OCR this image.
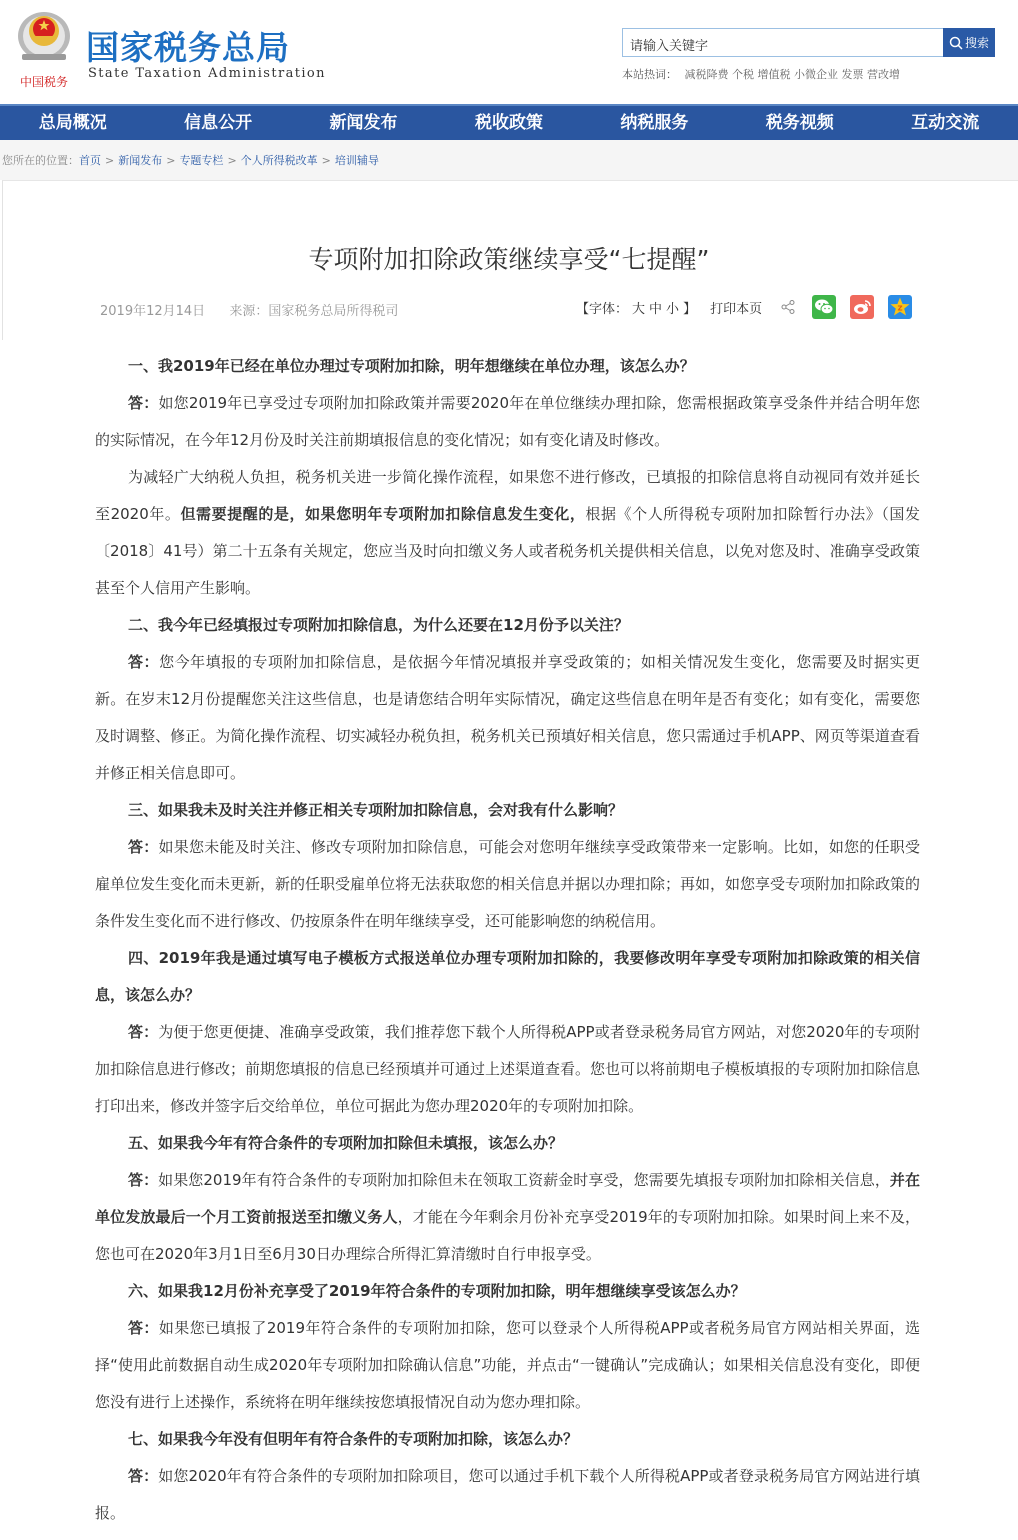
中国税务
国家税务总局
State Taxation Administration
请输入关键字	搜索
本站热词： 减税降费 个税 增值税 小微企业 发票 营改增
总局概况	信息公开	新闻发布	税收政策	纳税服务	税务视频	互动交流
您所在的位置：首页 > 新闻发布 > 专题专栏 > 个人所得税改革 > 培训辅导
专项附加扣除政策继续享受“七提醒”
2019年12月14日 来源：国家税务总局所得税司	【字体： 大 中 小 】 打印本页	Z

一、我2019年已经在单位办理过专项附加扣除，明年想继续在单位办理，该怎么办？

答：如您2019年已享受过专项附加扣除政策并需要2020年在单位继续办理扣除，您需根据政策享受条件并结合明年您的实际情况，在今年12月份及时关注前期填报信息的变化情况；如有变化请及时修改。

为减轻广大纳税人负担，税务机关进一步简化操作流程，如果您不进行修改，已填报的扣除信息将自动视同有效并延长至2020年。但需要提醒的是，如果您明年专项附加扣除信息发生变化，根据《个人所得税专项附加扣除暂行办法》（国发〔2018〕41号）第二十五条有关规定，您应当及时向扣缴义务人或者税务机关提供相关信息，以免对您及时、准确享受政策甚至个人信用产生影响。

二、我今年已经填报过专项附加扣除信息，为什么还要在12月份予以关注？

答：您今年填报的专项附加扣除信息，是依据今年情况填报并享受政策的；如相关情况发生变化，您需要及时据实更新。在岁末12月份提醒您关注这些信息，也是请您结合明年实际情况，确定这些信息在明年是否有变化；如有变化，需要您及时调整、修正。为简化操作流程、切实减轻办税负担，税务机关已预填好相关信息，您只需通过手机APP、网页等渠道查看并修正相关信息即可。

三、如果我未及时关注并修正相关专项附加扣除信息，会对我有什么影响？

答：如果您未能及时关注、修改专项附加扣除信息，可能会对您明年继续享受政策带来一定影响。比如，如您的任职受雇单位发生变化而未更新，新的任职受雇单位将无法获取您的相关信息并据以办理扣除；再如，如您享受专项附加扣除政策的条件发生变化而不进行修改、仍按原条件在明年继续享受，还可能影响您的纳税信用。

四、2019年我是通过填写电子模板方式报送单位办理专项附加扣除的，我要修改明年享受专项附加扣除政策的相关信息，该怎么办？

答：为便于您更便捷、准确享受政策，我们推荐您下载个人所得税APP或者登录税务局官方网站，对您2020年的专项附加扣除信息进行修改；前期您填报的信息已经预填并可通过上述渠道查看。您也可以将前期电子模板填报的专项附加扣除信息打印出来，修改并签字后交给单位，单位可据此为您办理2020年的专项附加扣除。

五、如果我今年有符合条件的专项附加扣除但未填报，该怎么办？

答：如果您2019年有符合条件的专项附加扣除但未在领取工资薪金时享受，您需要先填报专项附加扣除相关信息，并在单位发放最后一个月工资前报送至扣缴义务人，才能在今年剩余月份补充享受2019年的专项附加扣除。如果时间上来不及，您也可在2020年3月1日至6月30日办理综合所得汇算清缴时自行申报享受。

六、如果我12月份补充享受了2019年符合条件的专项附加扣除，明年想继续享受该怎么办？

答：如果您已填报了2019年符合条件的专项附加扣除，您可以登录个人所得税APP或者税务局官方网站相关界面，选择“使用此前数据自动生成2020年专项附加扣除确认信息”功能，并点击“一键确认”完成确认；如果相关信息没有变化，即便您没有进行上述操作，系统将在明年继续按您填报情况自动为您办理扣除。

七、如果我今年没有但明年有符合条件的专项附加扣除，该怎么办？

答：如您2020年有符合条件的专项附加扣除项目，您可以通过手机下载个人所得税APP或者登录税务局官方网站进行填报。
